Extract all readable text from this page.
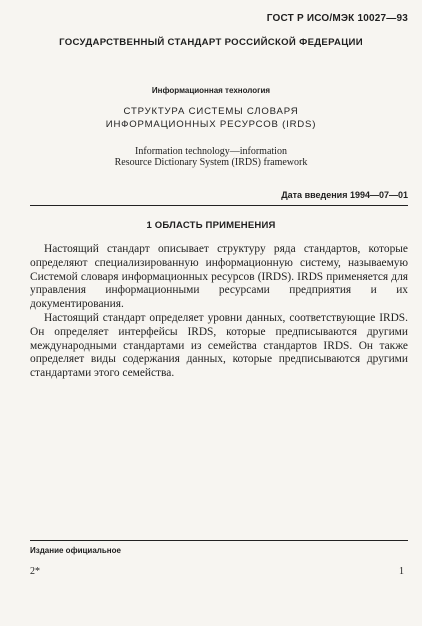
ГОСТ Р ИСО/МЭК 10027—93
ГОСУДАРСТВЕННЫЙ СТАНДАРТ РОССИЙСКОЙ ФЕДЕРАЦИИ
Информационная технология
СТРУКТУРА СИСТЕМЫ СЛОВАРЯ
ИНФОРМАЦИОННЫХ РЕСУРСОВ (IRDS)
Information technology—information
Resource Dictionary System (IRDS) framework
Дата введения 1994—07—01
1 ОБЛАСТЬ ПРИМЕНЕНИЯ

Настоящий стандарт описывает структуру ряда стандартов, которые определяют специализированную информационную систему, называемую Системой словаря информационных ресурсов (IRDS). IRDS применяется для управления информационными ресурсами предприятия и их документирования.

Настоящий стандарт определяет уровни данных, соответствующие IRDS. Он определяет интерфейсы IRDS, которые предписываются другими международными стандартами из семейства стандартов IRDS. Он также определяет виды содержания данных, которые предписываются другими стандартами этого семейства.

Издание официальное
2*	1
